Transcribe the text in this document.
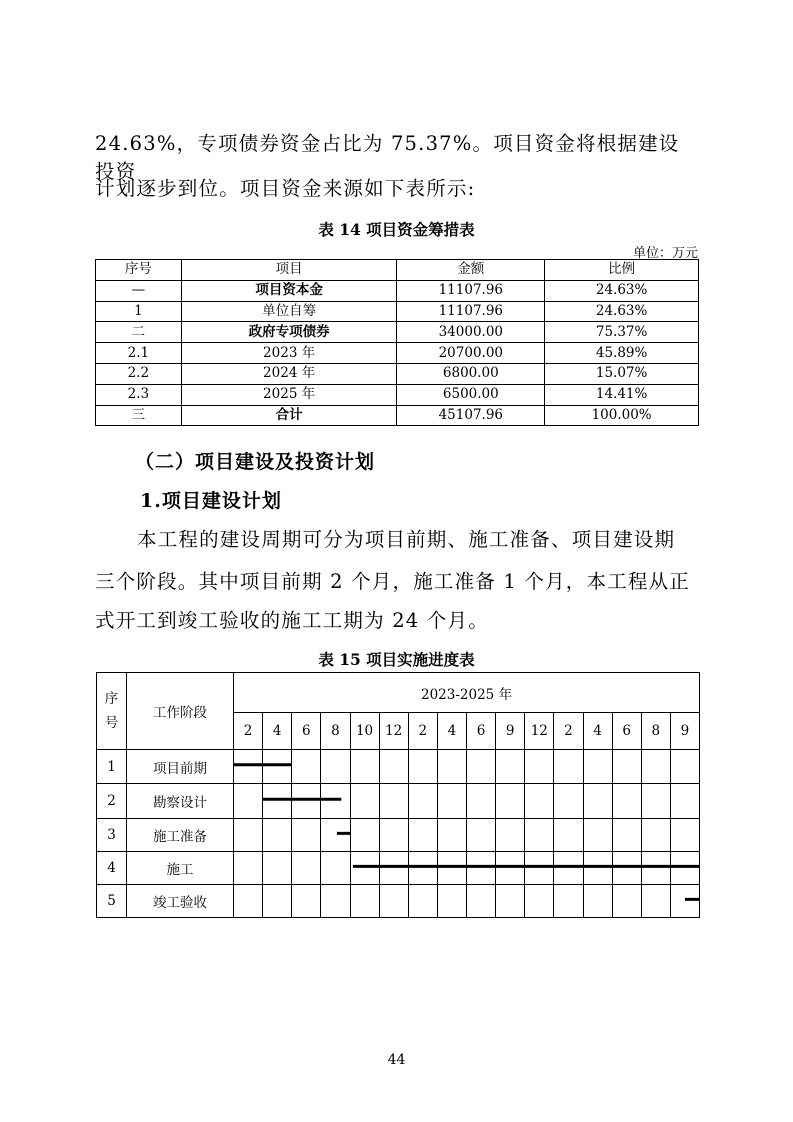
24.63%，专项债券资金占比为 75.37%。项目资金将根据建设投资

计划逐步到位。项目资金来源如下表所示:

表 14 项目资金筹措表

单位：万元

序号	项目	金额	比例
—	项目资本金	11107.96	24.63%
1	单位自筹	11107.96	24.63%
二	政府专项债券	34000.00	75.37%
2.1	2023 年	20700.00	45.89%
2.2	2024 年	6800.00	15.07%
2.3	2025 年	6500.00	14.41%
三	合计	45107.96	100.00%

（二）项目建设及投资计划

1.项目建设计划

本工程的建设周期可分为项目前期、施工准备、项目建设期

三个阶段。其中项目前期 2 个月，施工准备 1 个月，本工程从正

式开工到竣工验收的施工工期为 24 个月。

表 15 项目实施进度表

序号	工作阶段	2023-2025 年															
		2	4	6	8	10	12	2	4	6	9	12	2	4	6	8	9
1	项目前期																
2	勘察设计																
3	施工准备																
4	施工																
5	竣工验收																

44
